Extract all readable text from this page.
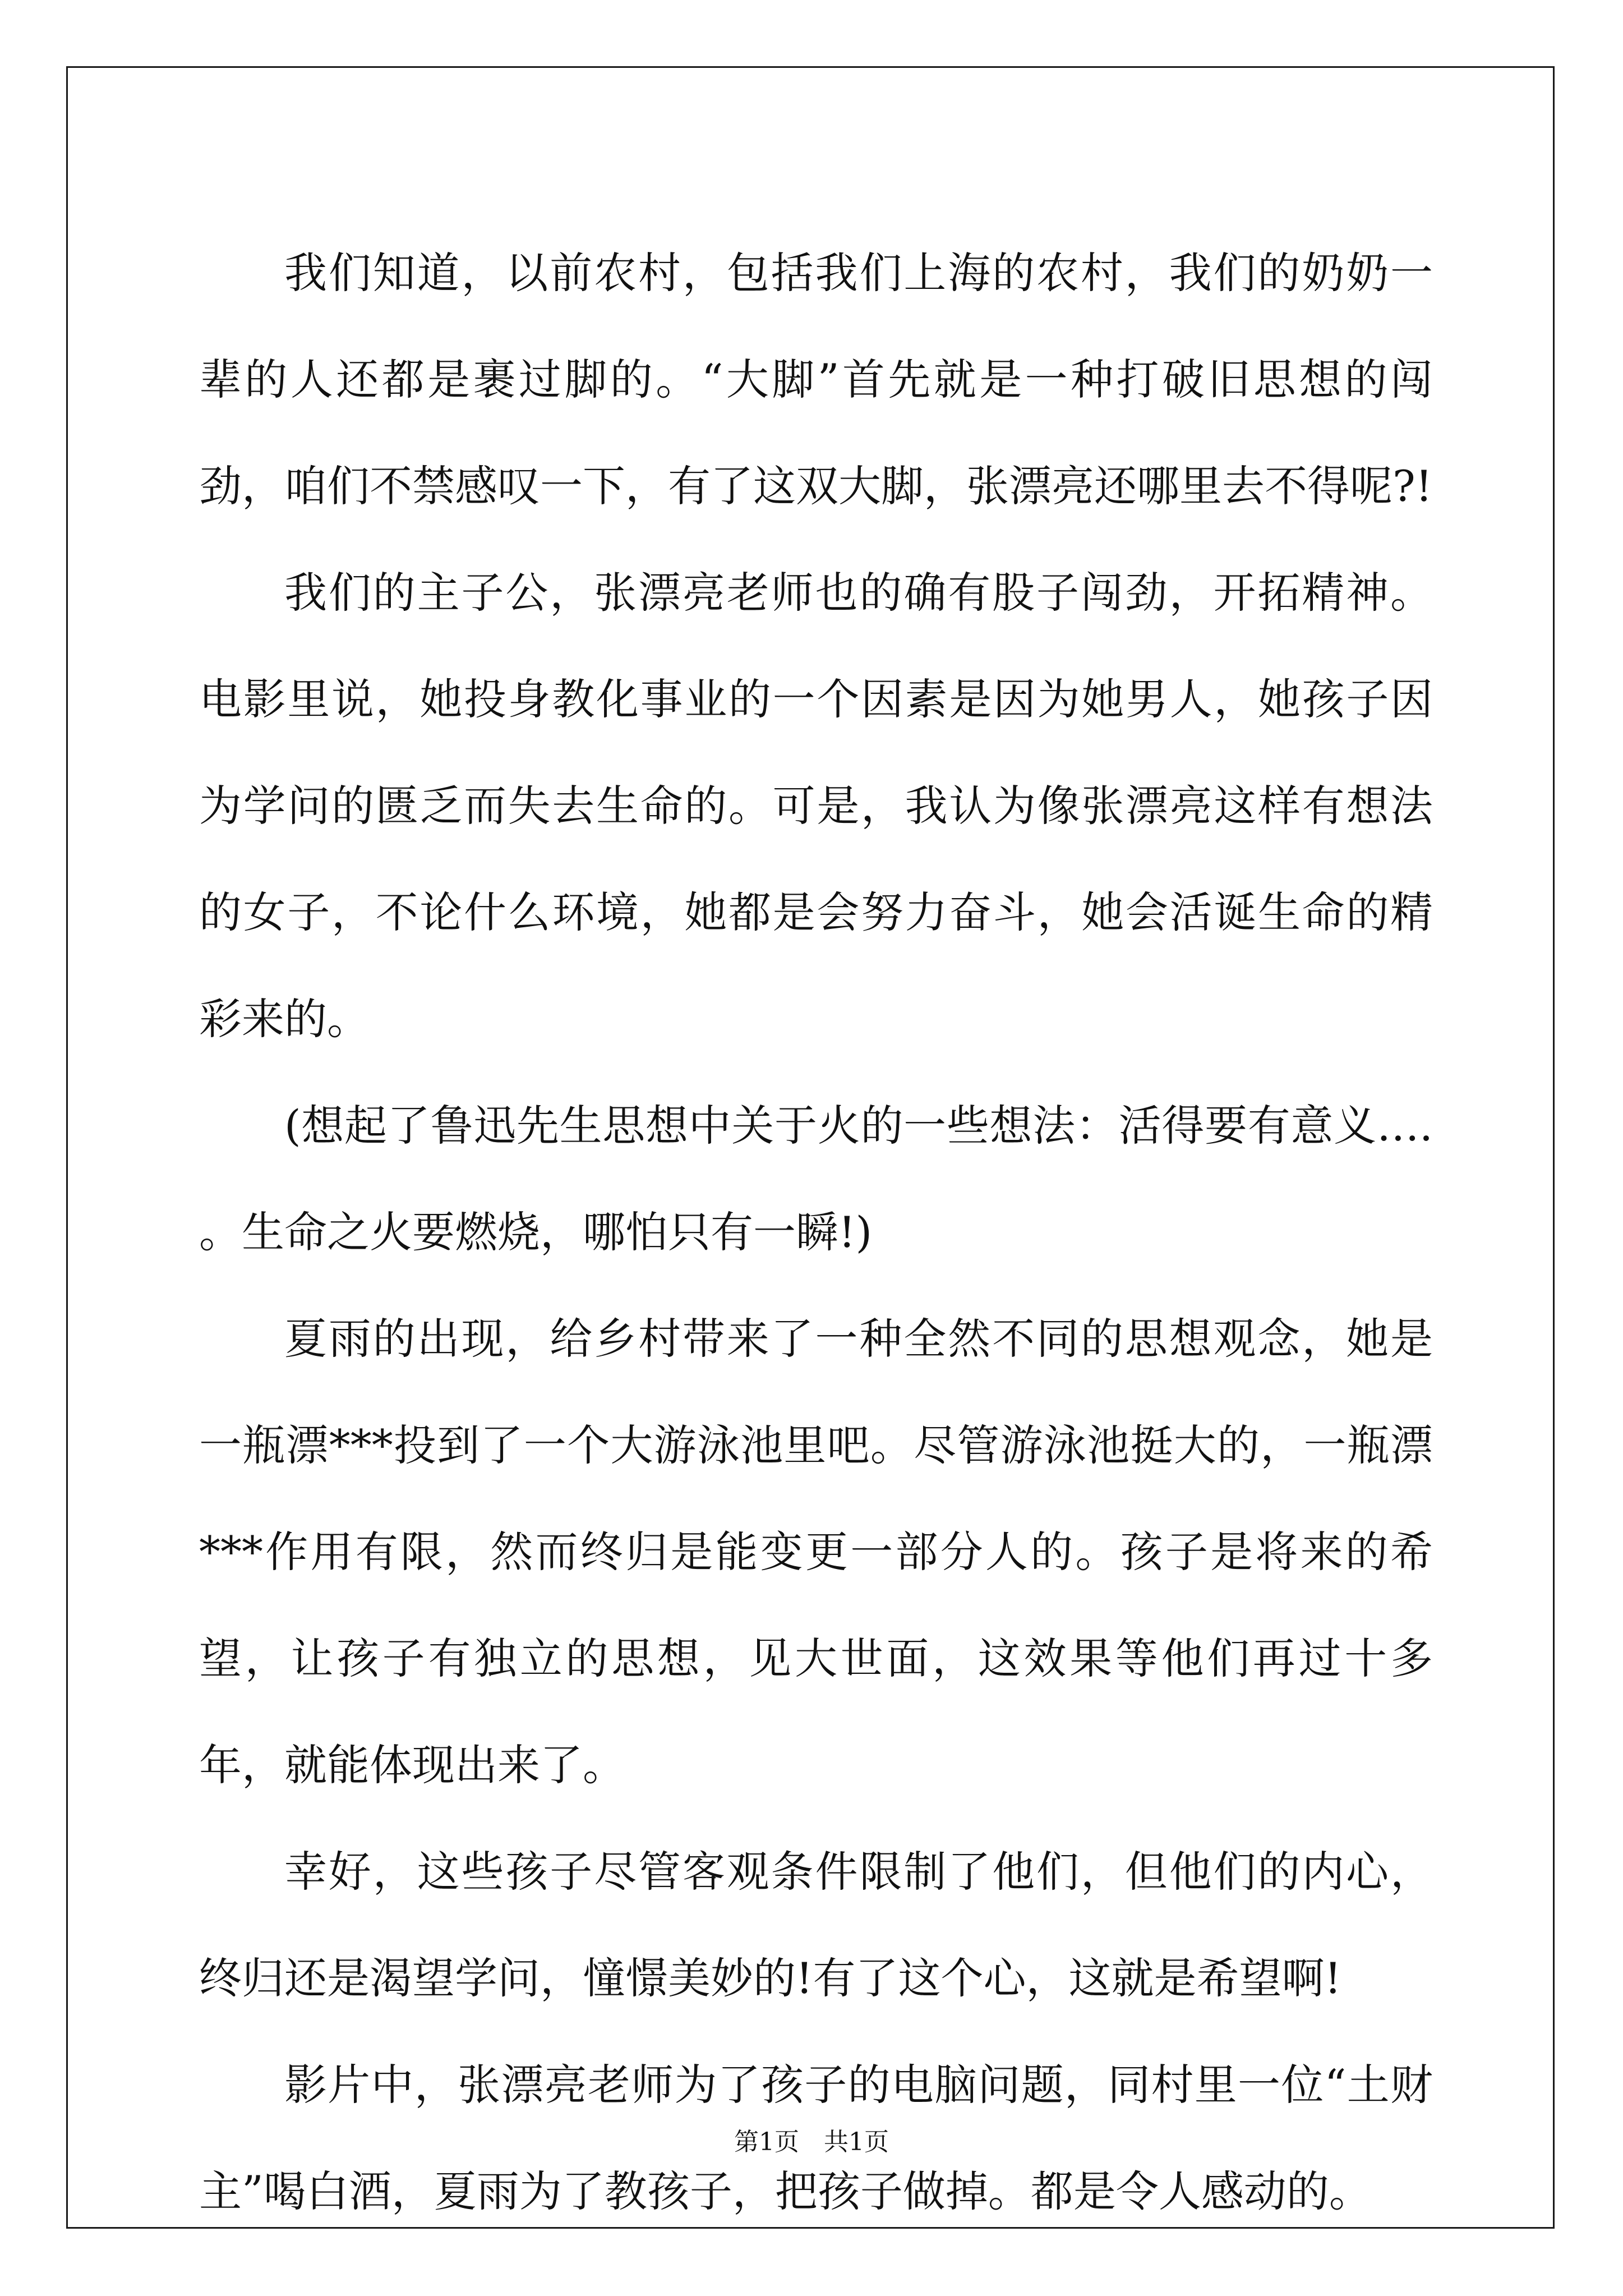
我们知道，以前农村，包括我们上海的农村，我们的奶奶一辈的人还都是裹过脚的。“大脚”首先就是一种打破旧思想的闯劲，咱们不禁感叹一下，有了这双大脚，张漂亮还哪里去不得呢?!

我们的主子公，张漂亮老师也的确有股子闯劲，开拓精神。电影里说，她投身教化事业的一个因素是因为她男人，她孩子因为学问的匮乏而失去生命的。可是，我认为像张漂亮这样有想法的女子，不论什么环境，她都是会努力奋斗，她会活诞生命的精彩来的。

(想起了鲁迅先生思想中关于火的一些想法：活得要有意义…. 。生命之火要燃烧，哪怕只有一瞬!)

夏雨的出现，给乡村带来了一种全然不同的思想观念，她是一瓶漂***投到了一个大游泳池里吧。尽管游泳池挺大的，一瓶漂***作用有限，然而终归是能变更一部分人的。孩子是将来的希望，让孩子有独立的思想，见大世面，这效果等他们再过十多年，就能体现出来了。

幸好，这些孩子尽管客观条件限制了他们，但他们的内心，终归还是渴望学问，憧憬美妙的!有了这个心，这就是希望啊!

影片中，张漂亮老师为了孩子的电脑问题，同村里一位“土财主”喝白酒，夏雨为了教孩子，把孩子做掉。都是令人感动的。

第1页　共1页
